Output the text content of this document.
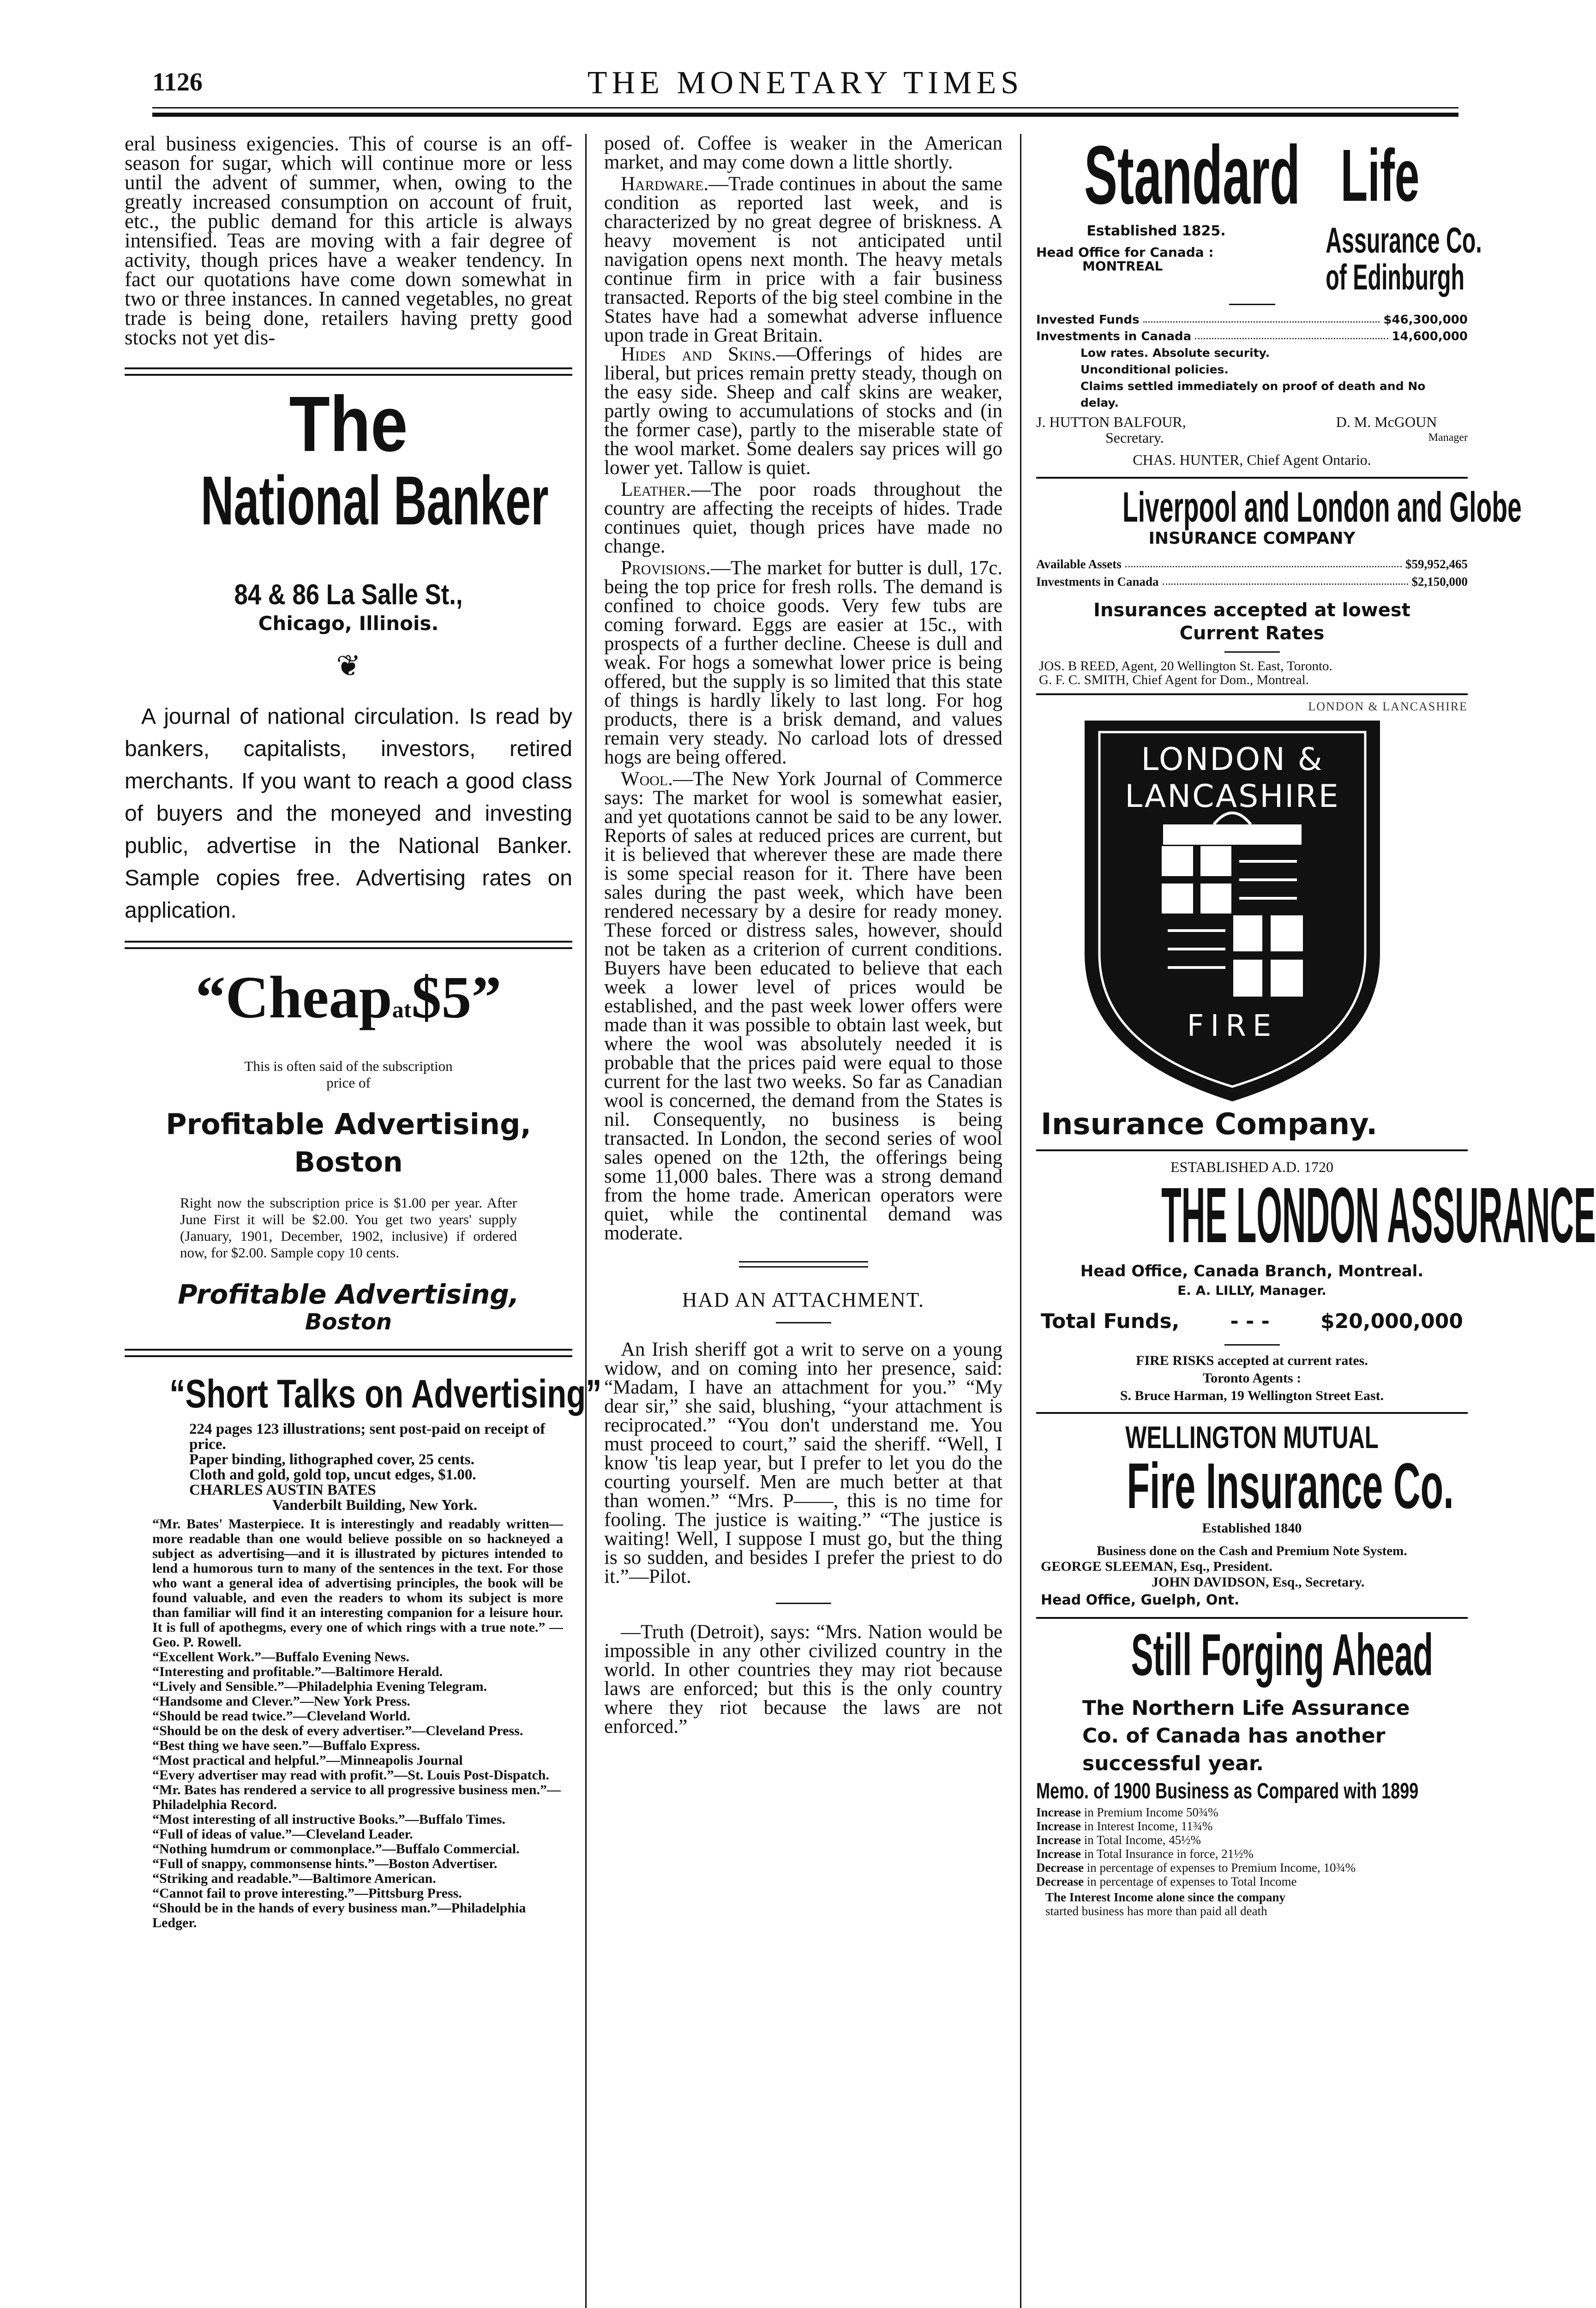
1126	THE MONETARY TIMES

eral business exigencies. This of course is an off-season for sugar, which will continue more or less until the advent of summer, when, owing to the greatly increased consumption on account of fruit, etc., the public demand for this article is always intensified. Teas are moving with a fair degree of activity, though prices have a weaker tendency. In fact our quotations have come down somewhat in two or three instances. In canned vegetables, no great trade is being done, retailers having pretty good stocks not yet dis-

The
National Banker
84 & 86 La Salle St.,
Chicago, Illinois.
❦

A journal of national circulation. Is read by bankers, capitalists, investors, retired merchants. If you want to reach a good class of buyers and the moneyed and investing public, advertise in the National Banker. Sample copies free. Advertising rates on application.

“Cheapat$5”
This is often said of the subscription
price of
Profitable Advertising,
Boston

Right now the subscription price is $1.00 per year. After June First it will be $2.00. You get two years' supply (January, 1901, December, 1902, inclusive) if ordered now, for $2.00. Sample copy 10 cents.

Profitable Advertising,
Boston
“Short Talks on Advertising”
224 pages 123 illustrations; sent post-paid on receipt of price.
Paper binding, lithographed cover, 25 cents.
Cloth and gold, gold top, uncut edges, $1.00.
CHARLES AUSTIN BATES
Vanderbilt Building, New York.

“Mr. Bates' Masterpiece. It is interestingly and readably written—more readable than one would believe possible on so hackneyed a subject as advertising—and it is illustrated by pictures intended to lend a humorous turn to many of the sentences in the text. For those who want a general idea of advertising principles, the book will be found valuable, and even the readers to whom its subject is more than familiar will find it an interesting companion for a leisure hour. It is full of apothegms, every one of which rings with a true note.” —Geo. P. Rowell.

“Excellent Work.”—Buffalo Evening News.
“Interesting and profitable.”—Baltimore Herald.
“Lively and Sensible.”—Philadelphia Evening Telegram.
“Handsome and Clever.”—New York Press.
“Should be read twice.”—Cleveland World.
“Should be on the desk of every advertiser.”—Cleveland Press.
“Best thing we have seen.”—Buffalo Express.
“Most practical and helpful.”—Minneapolis Journal
“Every advertiser may read with profit.”—St. Louis Post-Dispatch.
“Mr. Bates has rendered a service to all progressive business men.”—Philadelphia Record.
“Most interesting of all instructive Books.”—Buffalo Times.
“Full of ideas of value.”—Cleveland Leader.
“Nothing humdrum or commonplace.”—Buffalo Commercial.
“Full of snappy, commonsense hints.”—Boston Advertiser.
“Striking and readable.”—Baltimore American.
“Cannot fail to prove interesting.”—Pittsburg Press.
“Should be in the hands of every business man.”—Philadelphia Ledger.

posed of. Coffee is weaker in the American market, and may come down a little shortly.

Hardware.—Trade continues in about the same condition as reported last week, and is characterized by no great degree of briskness. A heavy movement is not anticipated until navigation opens next month. The heavy metals continue firm in price with a fair business transacted. Reports of the big steel combine in the States have had a somewhat adverse influence upon trade in Great Britain.

Hides and Skins.—Offerings of hides are liberal, but prices remain pretty steady, though on the easy side. Sheep and calf skins are weaker, partly owing to accumulations of stocks and (in the former case), partly to the miserable state of the wool market. Some dealers say prices will go lower yet. Tallow is quiet.

Leather.—The poor roads throughout the country are affecting the receipts of hides. Trade continues quiet, though prices have made no change.

Provisions.—The market for butter is dull, 17c. being the top price for fresh rolls. The demand is confined to choice goods. Very few tubs are coming forward. Eggs are easier at 15c., with prospects of a further decline. Cheese is dull and weak. For hogs a somewhat lower price is being offered, but the supply is so limited that this state of things is hardly likely to last long. For hog products, there is a brisk demand, and values remain very steady. No carload lots of dressed hogs are being offered.

Wool.—The New York Journal of Commerce says: The market for wool is somewhat easier, and yet quotations cannot be said to be any lower. Reports of sales at reduced prices are current, but it is believed that wherever these are made there is some special reason for it. There have been sales during the past week, which have been rendered necessary by a desire for ready money. These forced or distress sales, however, should not be taken as a criterion of current conditions. Buyers have been educated to believe that each week a lower level of prices would be established, and the past week lower offers were made than it was possible to obtain last week, but where the wool was absolutely needed it is probable that the prices paid were equal to those current for the last two weeks. So far as Canadian wool is concerned, the demand from the States is nil. Consequently, no business is being transacted. In London, the second series of wool sales opened on the 12th, the offerings being some 11,000 bales. There was a strong demand from the home trade. American operators were quiet, while the continental demand was moderate.

HAD AN ATTACHMENT.

An Irish sheriff got a writ to serve on a young widow, and on coming into her presence, said: “Madam, I have an attachment for you.” “My dear sir,” she said, blushing, “your attachment is reciprocated.” “You don't understand me. You must proceed to court,” said the sheriff. “Well, I know 'tis leap year, but I prefer to let you do the courting yourself. Men are much better at that than women.” “Mrs. P——, this is no time for fooling. The justice is waiting.” “The justice is waiting! Well, I suppose I must go, but the thing is so sudden, and besides I prefer the priest to do it.”—Pilot.

—Truth (Detroit), says: “Mrs. Nation would be impossible in any other civilized country in the world. In other countries they may riot because laws are enforced; but this is the only country where they riot because the laws are not enforced.”

Standard Life
Established 1825.
Head Office for Canada :
MONTREAL
Assurance Co.
of Edinburgh
Invested Funds	$46,300,000
Investments in Canada	14,600,000
Low rates. Absolute security.
Unconditional policies.
Claims settled immediately on proof of death and No delay.
J. HUTTON BALFOUR,
Secretary.
D. M. McGOUN
Manager
CHAS. HUNTER, Chief Agent Ontario.
Liverpool and London and Globe
INSURANCE COMPANY
Available Assets	$59,952,465
Investments in Canada	$2,150,000
Insurances accepted at lowest
Current Rates
JOS. B REED, Agent, 20 Wellington St. East, Toronto.
G. F. C. SMITH, Chief Agent for Dom., Montreal.
LONDON & LANCASHIRE
LONDON &
LANCASHIRE
FIRE
Insurance Company.
ESTABLISHED A.D. 1720
THE LONDON ASSURANCE
Head Office, Canada Branch, Montreal.
E. A. LILLY, Manager.
Total Funds,	- - -	$20,000,000
FIRE RISKS accepted at current rates.
Toronto Agents :
S. Bruce Harman, 19 Wellington Street East.
WELLINGTON MUTUAL
Fire Insurance Co.
Established 1840
Business done on the Cash and Premium Note System.
GEORGE SLEEMAN, Esq., President.
JOHN DAVIDSON, Esq., Secretary.
Head Office, Guelph, Ont.
Still Forging Ahead
The Northern Life Assurance
Co. of Canada has another
successful year.
Memo. of 1900 Business as Compared with 1899
Increase in Premium Income 50¾%
Increase in Interest Income, 11¾%
Increase in Total Income, 45½%
Increase in Total Insurance in force, 21½%
Decrease in percentage of expenses to Premium Income, 10¾%
Decrease in percentage of expenses to Total Income
The Interest Income alone since the company
started business has more than paid all death
